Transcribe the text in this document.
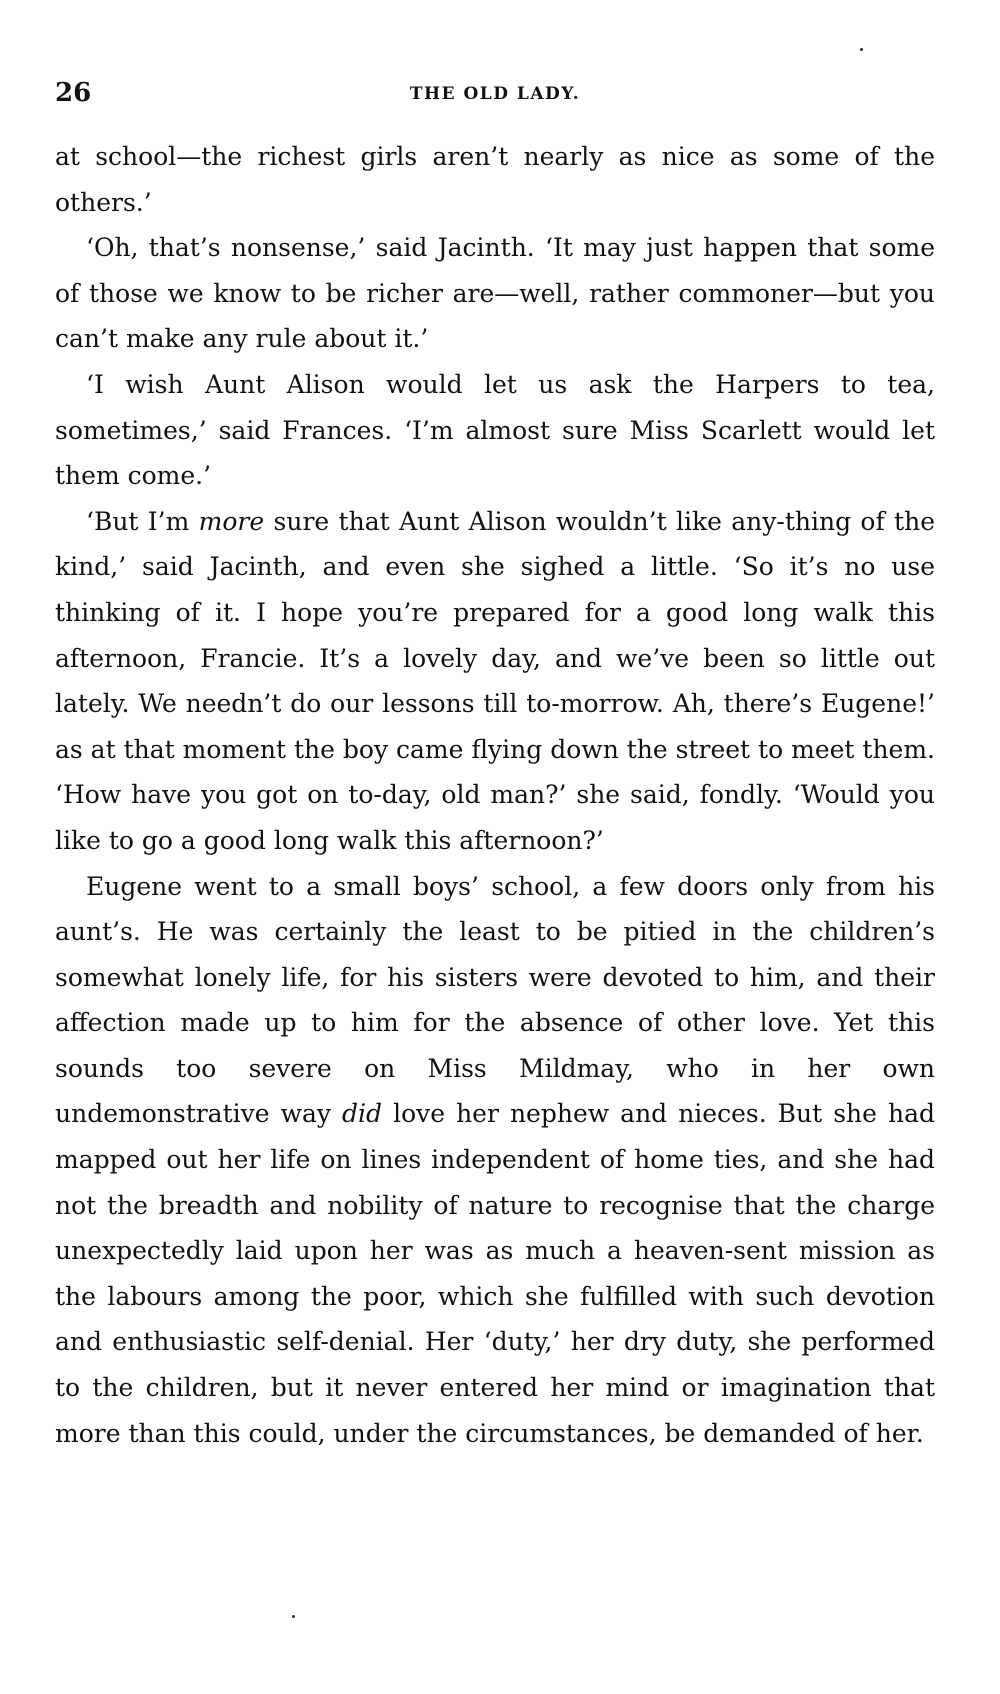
26	THE OLD LADY.

at school—the richest girls aren’t nearly as nice as some of the others.’

‘Oh, that’s nonsense,’ said Jacinth. ‘It may just happen that some of those we know to be richer are—well, rather commoner—but you can’t make any rule about it.’

‘I wish Aunt Alison would let us ask the Harpers to tea, sometimes,’ said Frances. ‘I’m almost sure Miss Scarlett would let them come.’

‘But I’m more sure that Aunt Alison wouldn’t like any-thing of the kind,’ said Jacinth, and even she sighed a little. ‘So it’s no use thinking of it. I hope you’re prepared for a good long walk this afternoon, Francie. It’s a lovely day, and we’ve been so little out lately. We needn’t do our lessons till to-morrow. Ah, there’s Eugene!’ as at that moment the boy came flying down the street to meet them. ‘How have you got on to-day, old man?’ she said, fondly. ‘Would you like to go a good long walk this afternoon?’

Eugene went to a small boys’ school, a few doors only from his aunt’s. He was certainly the least to be pitied in the children’s somewhat lonely life, for his sisters were devoted to him, and their affection made up to him for the absence of other love. Yet this sounds too severe on Miss Mildmay, who in her own undemonstrative way did love her nephew and nieces. But she had mapped out her life on lines independent of home ties, and she had not the breadth and nobility of nature to recognise that the charge unexpectedly laid upon her was as much a heaven-sent mission as the labours among the poor, which she fulfilled with such devotion and enthusiastic self-denial. Her ‘duty,’ her dry duty, she performed to the children, but it never entered her mind or imagination that more than this could, under the circumstances, be demanded of her.
